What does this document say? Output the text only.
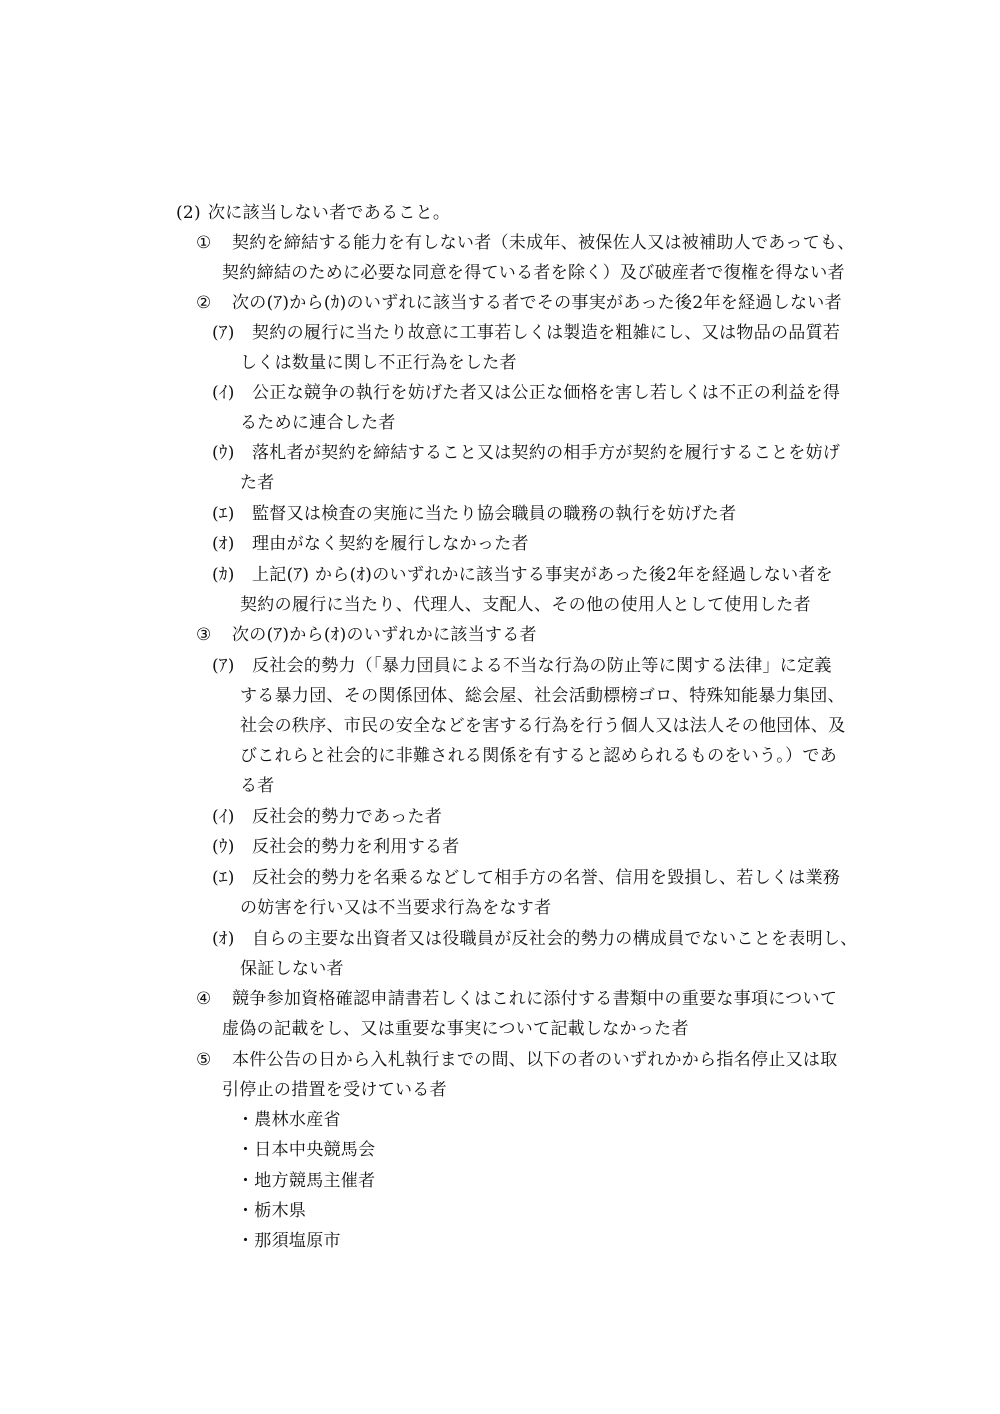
(2) 次に該当しない者であること。
① 契約を締結する能力を有しない者（未成年、被保佐人又は被補助人であっても、
契約締結のために必要な同意を得ている者を除く）及び破産者で復権を得ない者
② 次の(ｱ)から(ｶ)のいずれに該当する者でその事実があった後2年を経過しない者
(ｱ) 契約の履行に当たり故意に工事若しくは製造を粗雑にし、又は物品の品質若
しくは数量に関し不正行為をした者
(ｲ) 公正な競争の執行を妨げた者又は公正な価格を害し若しくは不正の利益を得
るために連合した者
(ｳ) 落札者が契約を締結すること又は契約の相手方が契約を履行することを妨げ
た者
(ｴ) 監督又は検査の実施に当たり協会職員の職務の執行を妨げた者
(ｵ) 理由がなく契約を履行しなかった者
(ｶ) 上記(ｱ) から(ｵ)のいずれかに該当する事実があった後2年を経過しない者を
契約の履行に当たり、代理人、支配人、その他の使用人として使用した者
③ 次の(ｱ)から(ｵ)のいずれかに該当する者
(ｱ) 反社会的勢力（「暴力団員による不当な行為の防止等に関する法律」に定義
する暴力団、その関係団体、総会屋、社会活動標榜ゴロ、特殊知能暴力集団、
社会の秩序、市民の安全などを害する行為を行う個人又は法人その他団体、及
びこれらと社会的に非難される関係を有すると認められるものをいう。）であ
る者
(ｲ) 反社会的勢力であった者
(ｳ) 反社会的勢力を利用する者
(ｴ) 反社会的勢力を名乗るなどして相手方の名誉、信用を毀損し、若しくは業務
の妨害を行い又は不当要求行為をなす者
(ｵ) 自らの主要な出資者又は役職員が反社会的勢力の構成員でないことを表明し、
保証しない者
④ 競争参加資格確認申請書若しくはこれに添付する書類中の重要な事項について
虚偽の記載をし、又は重要な事実について記載しなかった者
⑤ 本件公告の日から入札執行までの間、以下の者のいずれかから指名停止又は取
引停止の措置を受けている者
・農林水産省
・日本中央競馬会
・地方競馬主催者
・栃木県
・那須塩原市
